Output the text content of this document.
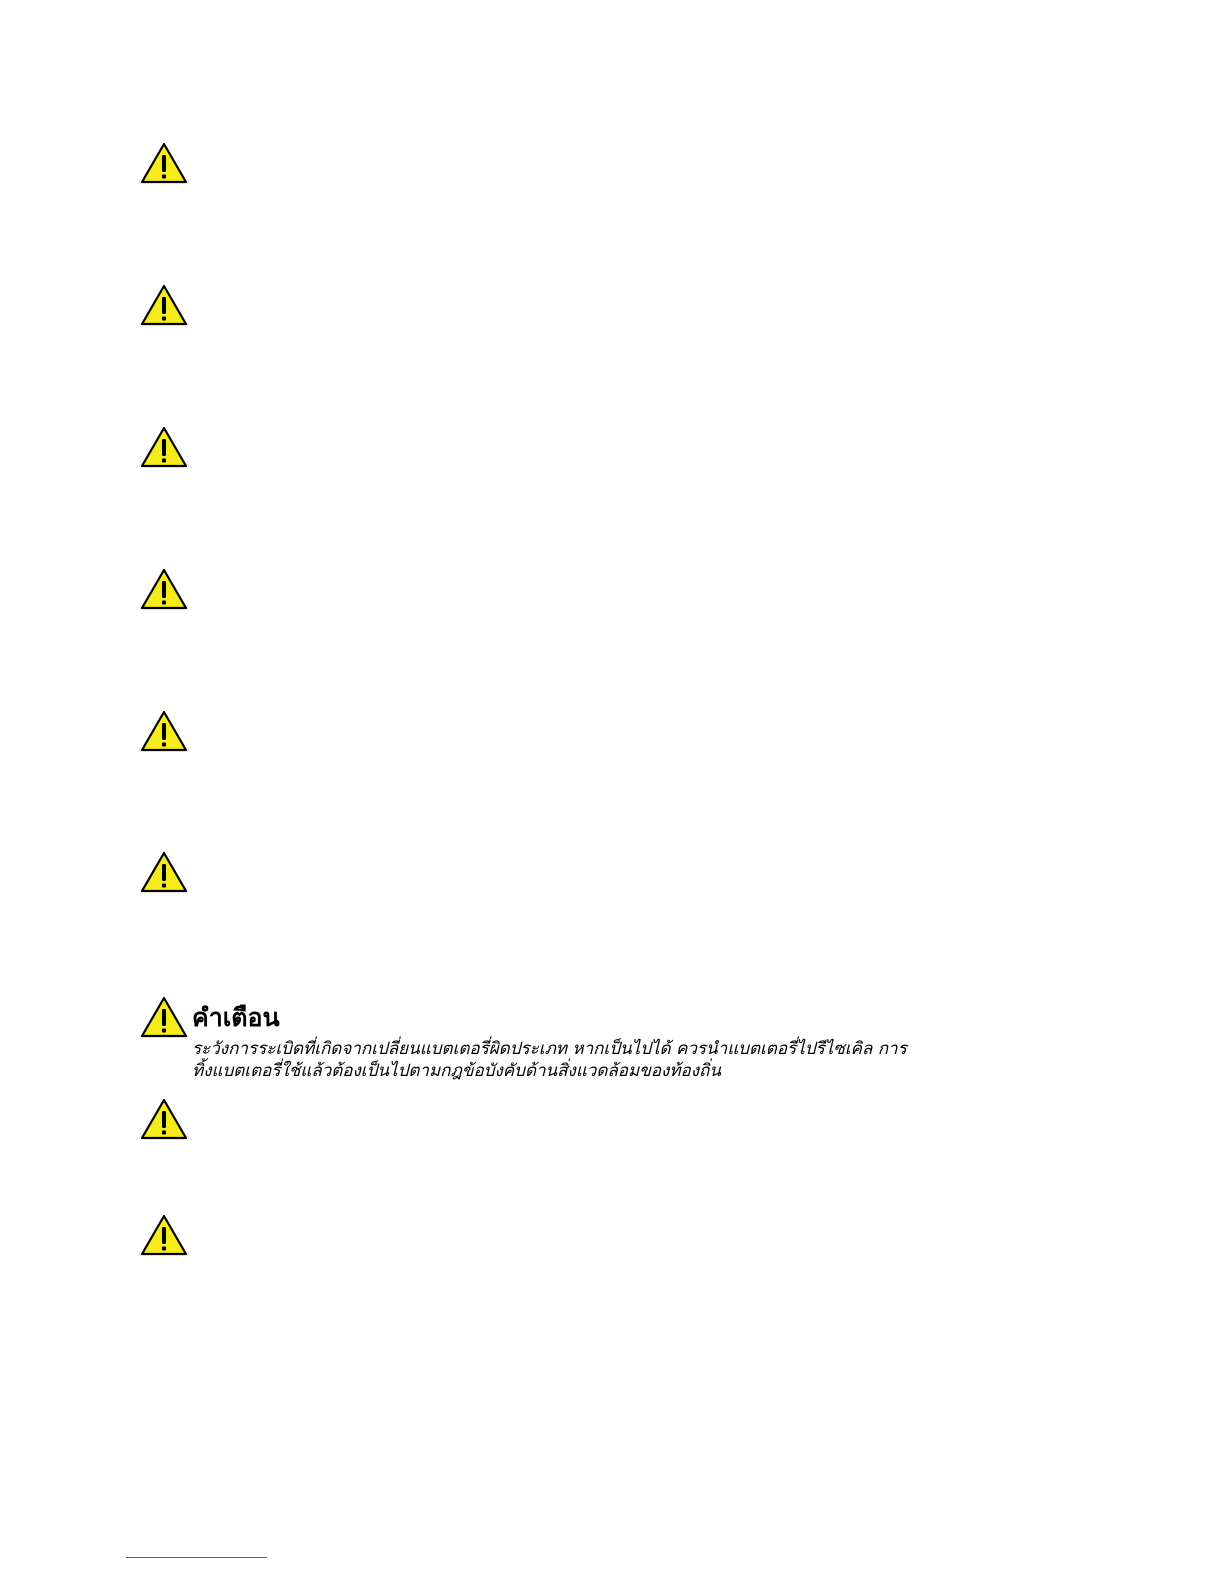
คำเตือน

ระวังการระเบิดที่เกิดจากเปลี่ยนแบตเตอรี่ผิดประเภท หากเป็นไปได้ ควรนำแบตเตอรี่ไปรีไซเคิล การ

ทิ้งแบตเตอรี่ใช้แล้วต้องเป็นไปตามกฎข้อบังคับด้านสิ่งแวดล้อมของท้องถิ่น
